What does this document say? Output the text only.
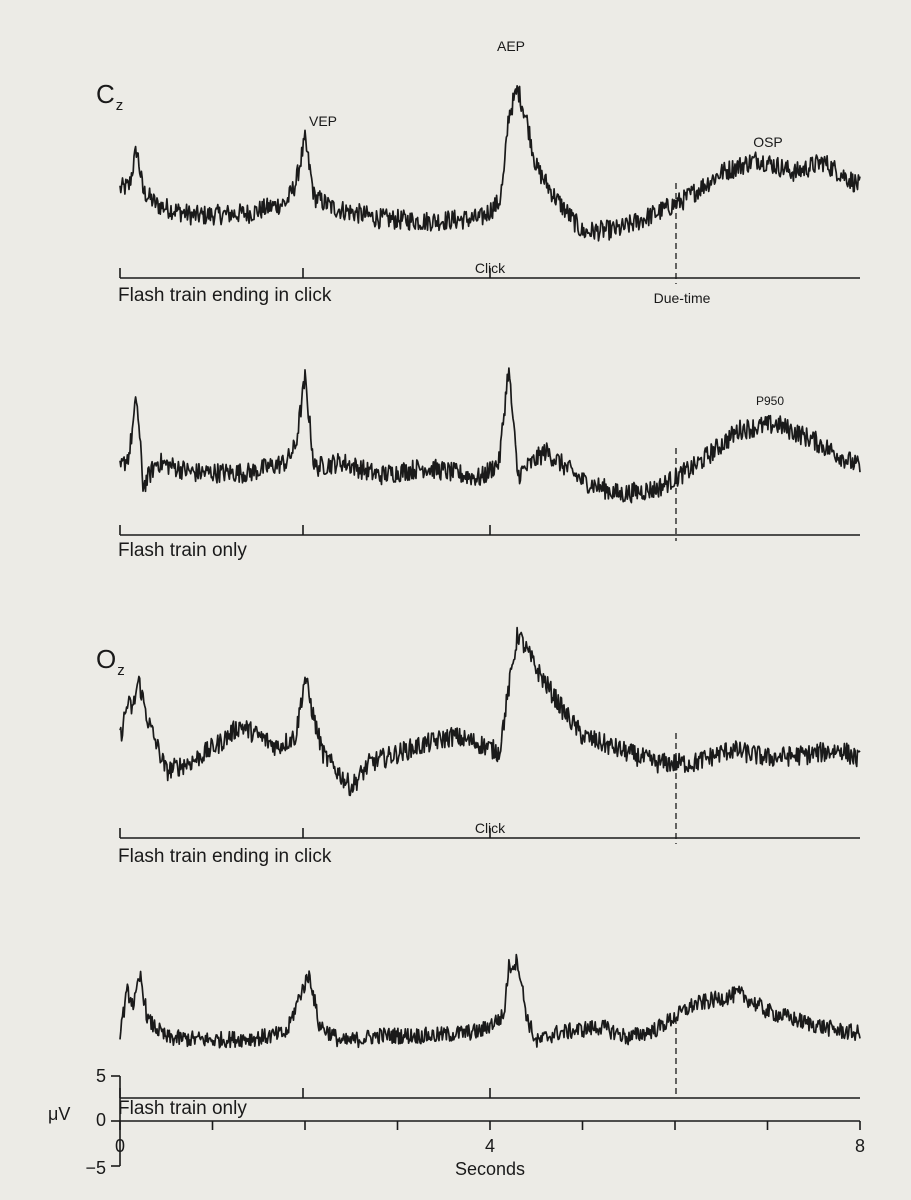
Flash train ending in click
Click
Due-time
$C_z$
VEP
AEP
OSP
Flash train only
P950
Flash train ending in click
Click
$O_z$
Flash train only
5
0
−5
μV
0	4	8
Seconds
